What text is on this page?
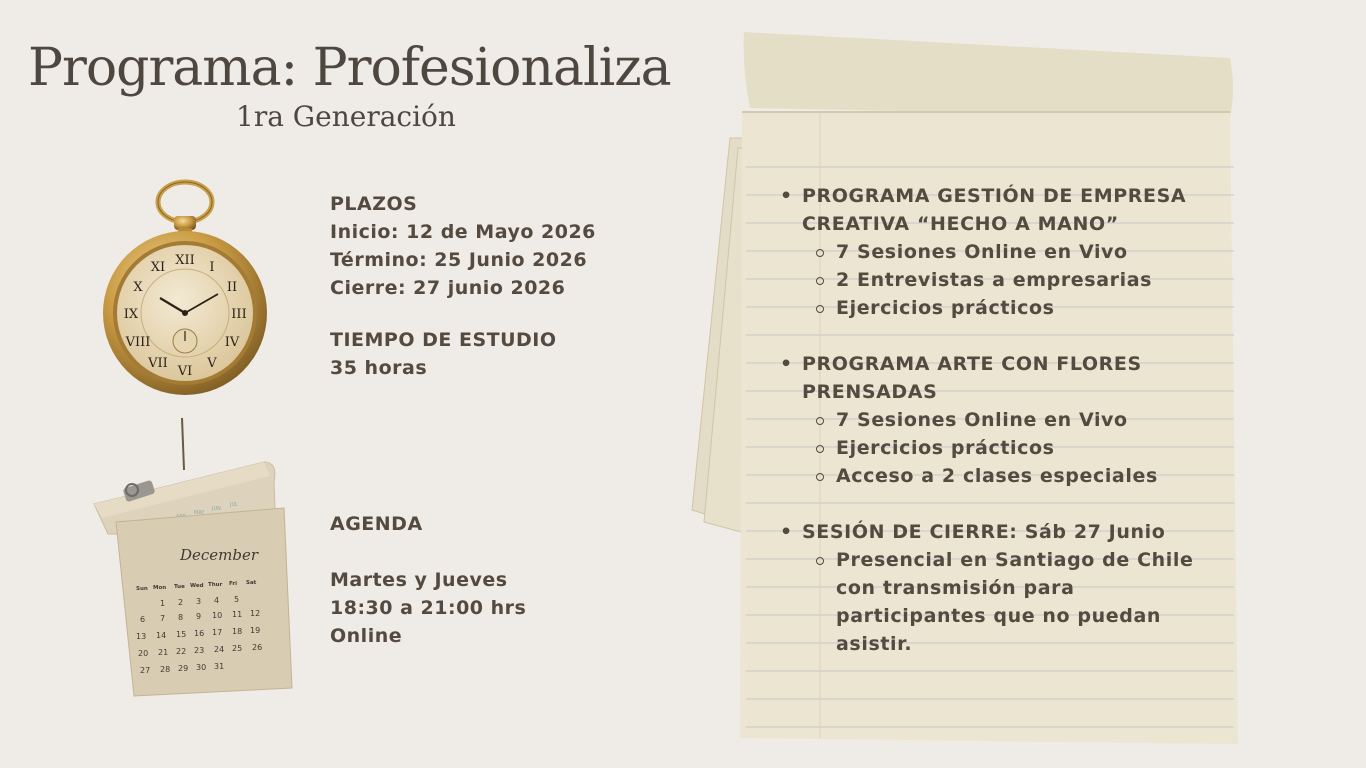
Programa: Profesionaliza
1ra Generación
XII I
II
III
IV
V
VI
VII
VIII
IX
X
XI
MAY
JUN
JUL
December
Sun Mon Tue Wed Thur Fri Sat
1 2 3 4 5
6 7 8 9 10 11 12
13 14 15 16 17 18 19
20 21 22 23 24 25 26
27 28 29 30 31
PLAZOS
Inicio: 12 de Mayo 2026
Término: 25 Junio 2026
Cierre: 27 junio 2026
TIEMPO DE ESTUDIO
35 horas
AGENDA
Martes y Jueves
18:30 a 21:00 hrs
Online
• PROGRAMA GESTIÓN DE EMPRESA CREATIVA “HECHO A MANO”
7 Sesiones Online en Vivo
2 Entrevistas a empresarias
Ejercicios prácticos
• PROGRAMA ARTE CON FLORES PRENSADAS
7 Sesiones Online en Vivo
Ejercicios prácticos
Acceso a 2 clases especiales
• SESIÓN DE CIERRE: Sáb 27 Junio
Presencial en Santiago de Chile con transmisión para participantes que no puedan asistir.
